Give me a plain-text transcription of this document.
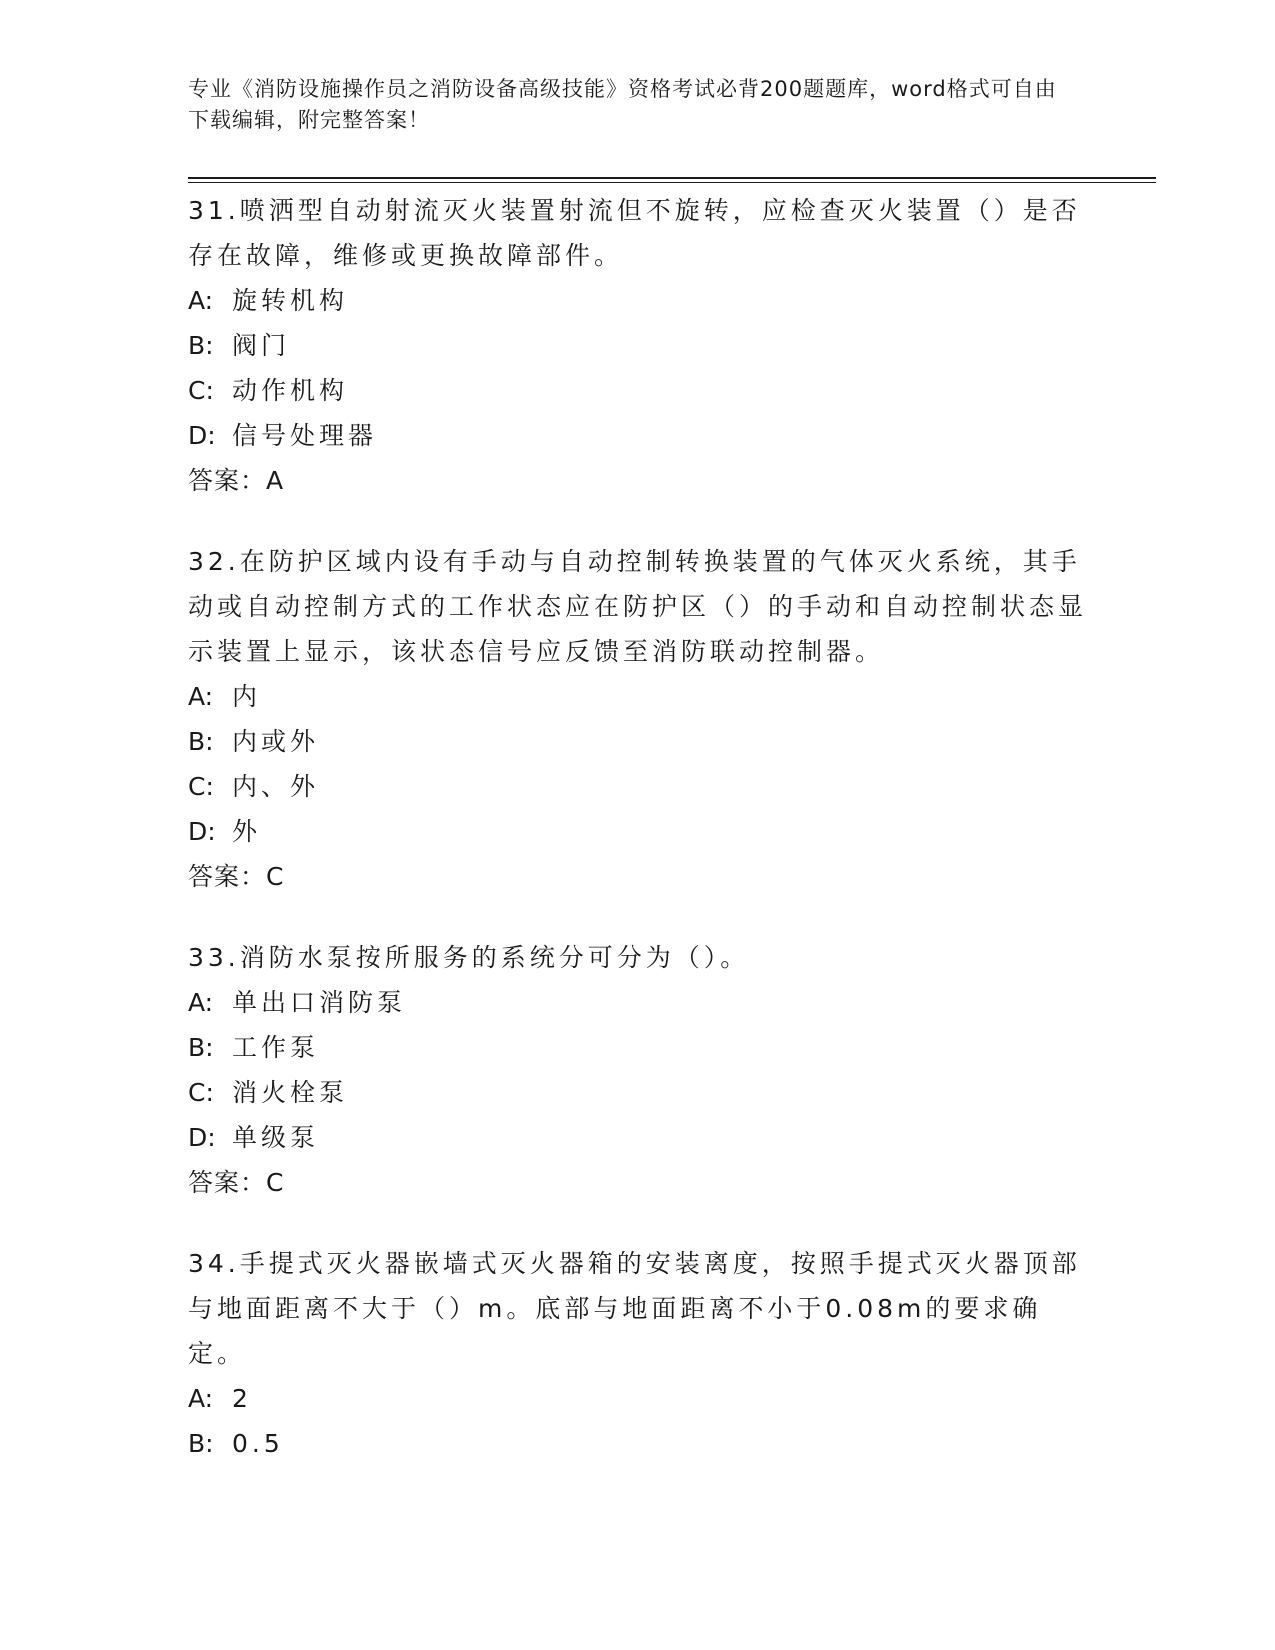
专业《消防设施操作员之消防设备高级技能》资格考试必背200题题库，word格式可自由下载编辑，附完整答案！
31.喷洒型自动射流灭火装置射流但不旋转，应检查灭火装置（）是否存在故障，维修或更换故障部件。
A: 旋转机构
B: 阀门
C: 动作机构
D: 信号处理器
答案：A
32.在防护区域内设有手动与自动控制转换装置的气体灭火系统，其手动或自动控制方式的工作状态应在防护区（）的手动和自动控制状态显示装置上显示，该状态信号应反馈至消防联动控制器。
A: 内
B: 内或外
C: 内、外
D: 外
答案：C
33.消防水泵按所服务的系统分可分为（）。
A: 单出口消防泵
B: 工作泵
C: 消火栓泵
D: 单级泵
答案：C
34.手提式灭火器嵌墙式灭火器箱的安装离度，按照手提式灭火器顶部与地面距离不大于（）m。底部与地面距离不小于0.08m的要求确定。
A: 2
B: 0.5
